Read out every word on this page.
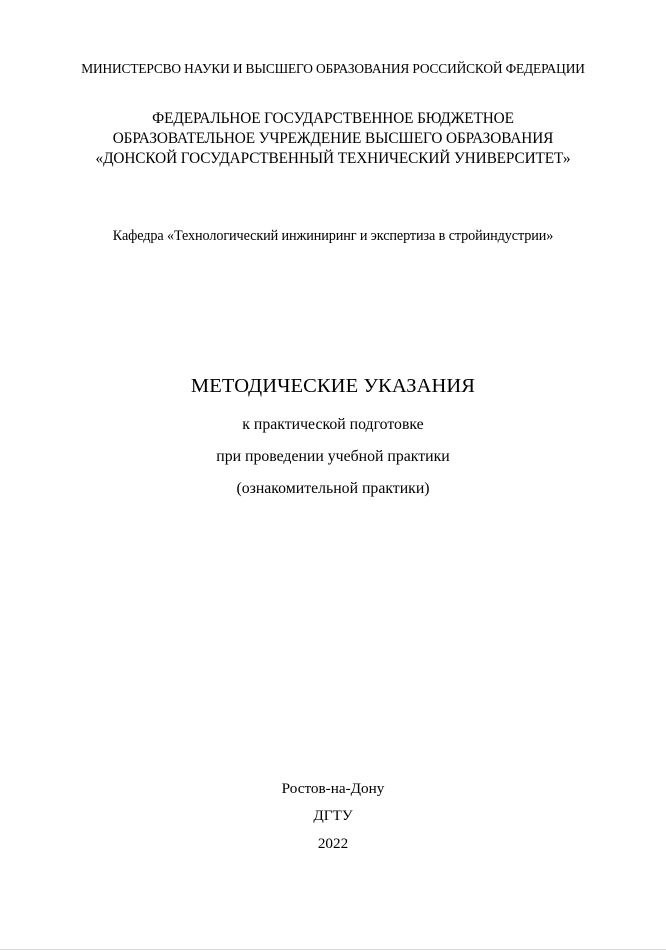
МИНИСТЕРСВО НАУКИ И ВЫСШЕГО ОБРАЗОВАНИЯ РОССИЙСКОЙ ФЕДЕРАЦИИ
ФЕДЕРАЛЬНОЕ ГОСУДАРСТВЕННОЕ БЮДЖЕТНОЕ
ОБРАЗОВАТЕЛЬНОЕ УЧРЕЖДЕНИЕ ВЫСШЕГО ОБРАЗОВАНИЯ
«ДОНСКОЙ ГОСУДАРСТВЕННЫЙ ТЕХНИЧЕСКИЙ УНИВЕРСИТЕТ»
Кафедра «Технологический инжиниринг и экспертиза в стройиндустрии»
МЕТОДИЧЕСКИЕ УКАЗАНИЯ
к практической подготовке
при проведении учебной практики
(ознакомительной практики)
Ростов-на-Дону
ДГТУ
2022
